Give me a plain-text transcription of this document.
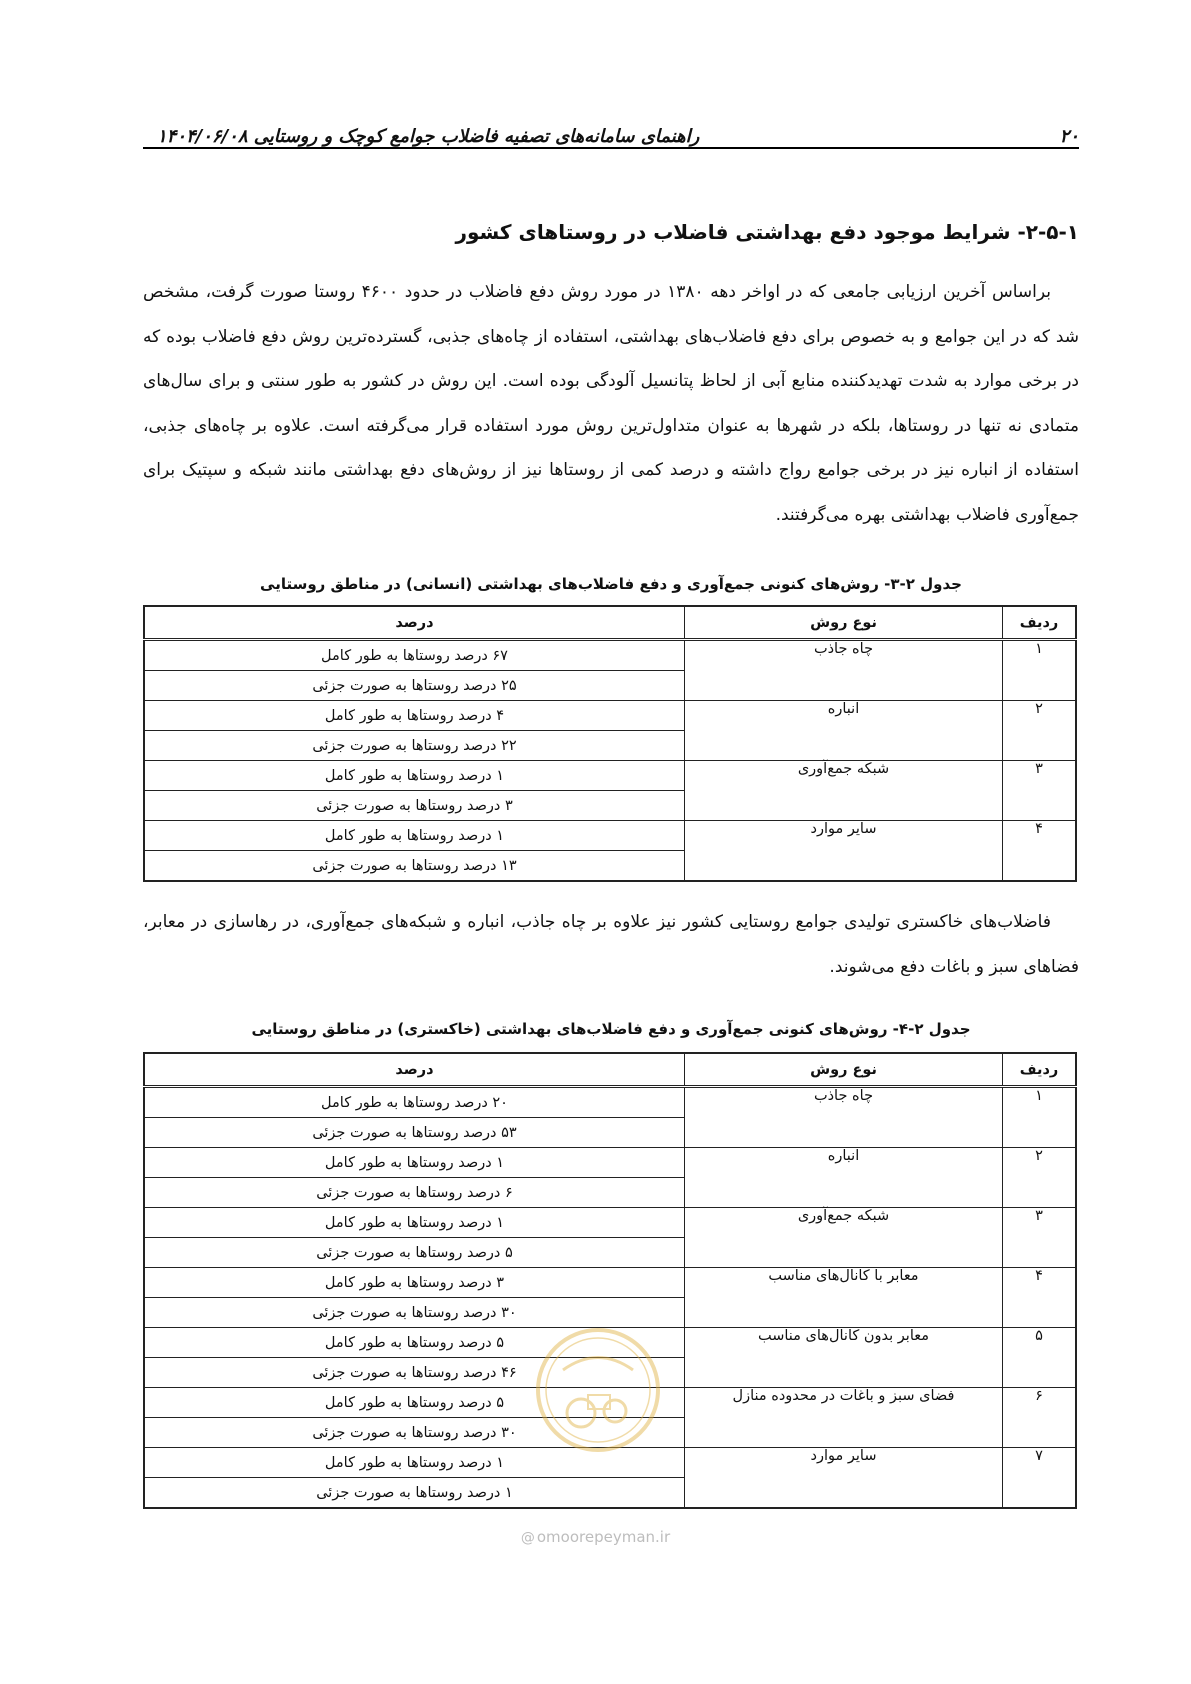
۲۰
راهنمای سامانه‌های تصفیه فاضلاب جوامع کوچک و روستایی ۱۴۰۴/۰۶/۰۸
۲-۵-۱- شرایط موجود دفع بهداشتی فاضلاب در روستاهای کشور

براساس آخرین ارزیابی جامعی که در اواخر دهه ۱۳۸۰ در مورد روش دفع فاضلاب در حدود ۴۶۰۰ روستا صورت گرفت، مشخص شد که در این جوامع و به خصوص برای دفع فاضلاب‌های بهداشتی، استفاده از چاه‌های جذبی، گسترده‌ترین روش دفع فاضلاب بوده که در برخی موارد به شدت تهدیدکننده منابع آبی از لحاظ پتانسیل آلودگی بوده است. این روش در کشور به طور سنتی و برای سال‌های متمادی نه تنها در روستاها، بلکه در شهرها به عنوان متداول‌ترین روش مورد استفاده قرار می‌گرفته است. علاوه بر چاه‌های جذبی، استفاده از انباره نیز در برخی جوامع رواج داشته و درصد کمی از روستاها نیز از روش‌های دفع بهداشتی مانند شبکه و سپتیک برای جمع‌آوری فاضلاب بهداشتی بهره می‌گرفتند.

جدول ۲-۳- روش‌های کنونی جمع‌آوری و دفع فاضلاب‌های بهداشتی (انسانی) در مناطق روستایی
ردیف	نوع روش	درصد
۱	چاه جاذب	۶۷ درصد روستاها به طور کامل
		۲۵ درصد روستاها به صورت جزئی
۲	انباره	۴ درصد روستاها به طور کامل
		۲۲ درصد روستاها به صورت جزئی
۳	شبکه جمع‌آوری	۱ درصد روستاها به طور کامل
		۳ درصد روستاها به صورت جزئی
۴	سایر موارد	۱ درصد روستاها به طور کامل
		۱۳ درصد روستاها به صورت جزئی

فاضلاب‌های خاکستری تولیدی جوامع روستایی کشور نیز علاوه بر چاه جاذب، انباره و شبکه‌های جمع‌آوری، در رهاسازی در معابر، فضاهای سبز و باغات دفع می‌شوند.

جدول ۲-۴- روش‌های کنونی جمع‌آوری و دفع فاضلاب‌های بهداشتی (خاکستری) در مناطق روستایی
ردیف	نوع روش	درصد
۱	چاه جاذب	۲۰ درصد روستاها به طور کامل
		۵۳ درصد روستاها به صورت جزئی
۲	انباره	۱ درصد روستاها به طور کامل
		۶ درصد روستاها به صورت جزئی
۳	شبکه جمع‌آوری	۱ درصد روستاها به طور کامل
		۵ درصد روستاها به صورت جزئی
۴	معابر با کانال‌های مناسب	۳ درصد روستاها به طور کامل
		۳۰ درصد روستاها به صورت جزئی
۵	معابر بدون کانال‌های مناسب	۵ درصد روستاها به طور کامل
		۴۶ درصد روستاها به صورت جزئی
۶	فضای سبز و باغات در محدوده منازل	۵ درصد روستاها به طور کامل
		۳۰ درصد روستاها به صورت جزئی
۷	سایر موارد	۱ درصد روستاها به طور کامل
		۱ درصد روستاها به صورت جزئی
@ omoorepeyman.ir
